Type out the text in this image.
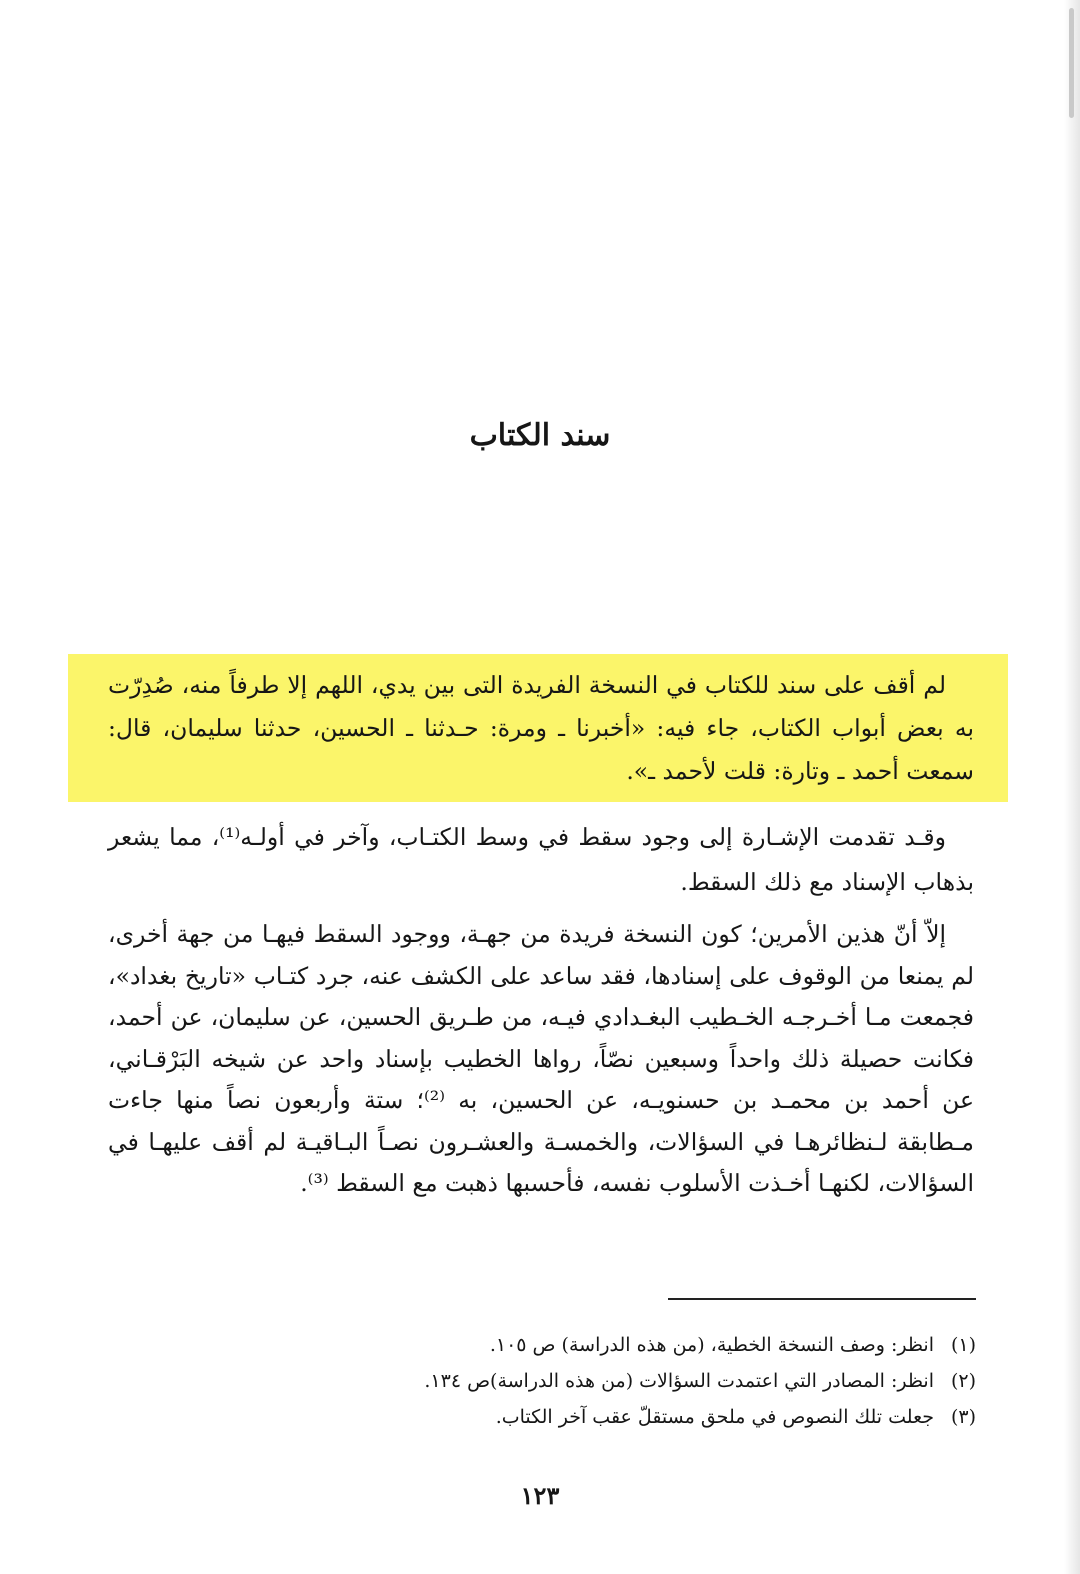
سند الكتاب

لم أقف على سند للكتاب في النسخة الفريدة التى بين يدي، اللهم إلا طرفاً منه، صُدِرّت به بعض أبواب الكتاب، جاء فيه: «أخبرنا ـ ومرة: حـدثنا ـ الحسين، حدثنا سليمان، قال: سمعت أحمد ـ وتارة: قلت لأحمد ـ».

وقـد تقدمت الإشـارة إلى وجود سقط في وسط الكتـاب، وآخر في أولـه⁽¹⁾، مما يشعر بذهاب الإسناد مع ذلك السقط.

إلاّ أنّ هذين الأمرين؛ كون النسخة فريدة من جهـة، ووجود السقط فيهـا من جهة أخرى، لم يمنعا من الوقوف على إسنادها، فقد ساعد على الكشف عنه، جرد كتـاب «تاريخ بغداد»، فجمعت مـا أخـرجـه الخـطيب البغـدادي فيـه، من طـريق الحسين، عن سليمان، عن أحمد، فكانت حصيلة ذلك واحداً وسبعين نصّاً، رواها الخطيب بإسناد واحد عن شيخه البَرْقـاني، عن أحمد بن محمـد بن حسنويـه، عن الحسين، به ⁽²⁾؛ ستة وأربعون نصاً منها جاءت مـطابقة لـنظائرهـا في السؤالات، والخمسـة والعشـرون نصـاً البـاقيـة لم أقف عليهـا في السؤالات، لكنهـا أخـذت الأسلوب نفسه، فأحسبها ذهبت مع السقط ⁽³⁾.

(١)انظر: وصف النسخة الخطية، (من هذه الدراسة) ص ١٠٥.
(٢)انظر: المصادر التي اعتمدت السؤالات (من هذه الدراسة)ص ١٣٤.
(٣)جعلت تلك النصوص في ملحق مستقلّ عقب آخر الكتاب.
١٢٣
